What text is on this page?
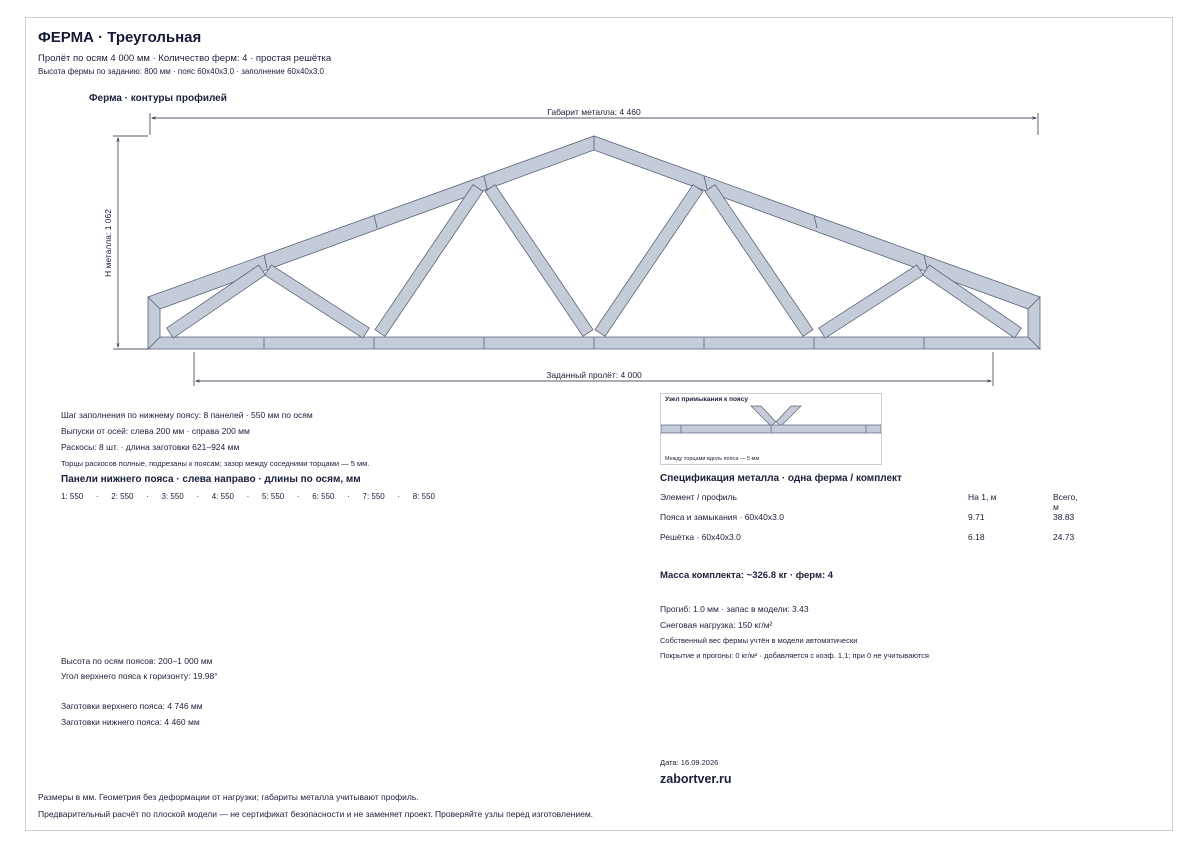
ФЕРМА · Треугольная
Пролёт по осям 4 000 мм · Количество ферм: 4 · простая решётка
Высота фермы по заданию: 800 мм · пояс 60x40x3.0 · заполнение 60x40x3.0
Ферма · контуры профилей
Габарит металла: 4 460
H металла: 1 062
Заданный пролёт: 4 000
Шаг заполнения по нижнему поясу: 8 панелей · 550 мм по осям
Выпуски от осей: слева 200 мм · справа 200 мм
Раскосы: 8 шт. · длина заготовки 621–924 мм
Торцы раскосов полные, подрезаны к поясам; зазор между соседними торцами — 5 мм.
Панели нижнего пояса · слева направо · длины по осям, мм
1: 550	·	2: 550	·	3: 550	·	4: 550	·	5: 550	·	6: 550	·	7: 550	·	8: 550
Высота по осям поясов: 200–1 000 мм
Угол верхнего пояса к горизонту: 19.98°
Заготовки верхнего пояса: 4 746 мм
Заготовки нижнего пояса: 4 460 мм
Узел примыкания к поясу
Между торцами вдоль пояса — 5 мм
Спецификация металла · одна ферма / комплект
Элемент / профиль	На 1, м	Всего, м
Пояса и замыкания · 60x40x3.0	9.71	38.83
Решётка · 60x40x3.0	6.18	24.73
Масса комплекта: ~326.8 кг · ферм: 4
Прогиб: 1.0 мм · запас в модели: 3.43
Снеговая нагрузка: 150 кг/м²
Собственный вес фермы учтён в модели автоматически
Покрытие и прогоны: 0 кг/м² · добавляется с коэф. 1,1; при 0 не учитываются
Дата: 16.09.2026
zabortver.ru
Размеры в мм. Геометрия без деформации от нагрузки; габариты металла учитывают профиль.
Предварительный расчёт по плоской модели — не сертификат безопасности и не заменяет проект. Проверяйте узлы перед изготовлением.
